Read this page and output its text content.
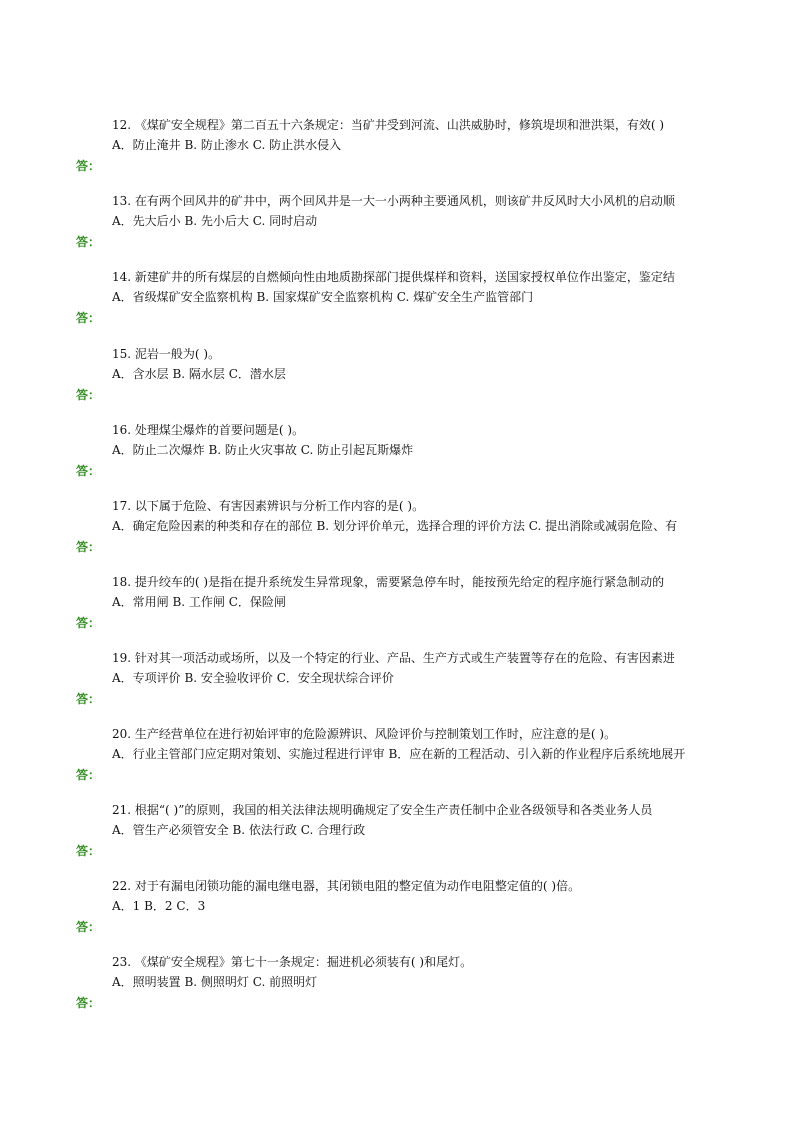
12. 《煤矿安全规程》第二百五十六条规定：当矿井受到河流、山洪威胁时，修筑堤坝和泄洪渠，有效( )
A．防止淹井 B. 防止渗水 C. 防止洪水侵入
答：
13. 在有两个回风井的矿井中，两个回风井是一大一小两种主要通风机，则该矿井反风时大小风机的启动顺
A．先大后小 B. 先小后大 C. 同时启动
答：
14. 新建矿井的所有煤层的自燃倾向性由地质勘探部门提供煤样和资料，送国家授权单位作出鉴定，鉴定结
A．省级煤矿安全监察机构 B. 国家煤矿安全监察机构 C. 煤矿安全生产监管部门
答：
15. 泥岩一般为( )。
A．含水层 B. 隔水层 C．潜水层
答：
16. 处理煤尘爆炸的首要问题是( )。
A．防止二次爆炸 B. 防止火灾事故 C. 防止引起瓦斯爆炸
答：
17. 以下属于危险、有害因素辨识与分析工作内容的是( )。
A．确定危险因素的种类和存在的部位 B. 划分评价单元，选择合理的评价方法 C. 提出消除或减弱危险、有
答：
18. 提升绞车的( )是指在提升系统发生异常现象，需要紧急停车时，能按预先给定的程序施行紧急制动的
A．常用闸 B. 工作闸 C．保险闸
答：
19. 针对其一项活动或场所，以及一个特定的行业、产品、生产方式或生产装置等存在的危险、有害因素进
A．专项评价 B. 安全验收评价 C．安全现状综合评价
答：
20. 生产经营单位在进行初始评审的危险源辨识、风险评价与控制策划工作时，应注意的是( )。
A．行业主管部门应定期对策划、实施过程进行评审 B．应在新的工程活动、引入新的作业程序后系统地展开
答：
21. 根据“( )”的原则，我国的相关法律法规明确规定了安全生产责任制中企业各级领导和各类业务人员
A．管生产必须管安全 B. 依法行政 C. 合理行政
答：
22. 对于有漏电闭锁功能的漏电继电器，其闭锁电阻的整定值为动作电阻整定值的( )倍。
A．1 B．2 C．3
答：
23. 《煤矿安全规程》第七十一条规定：掘进机必须装有( )和尾灯。
A．照明装置 B. 侧照明灯 C. 前照明灯
答：
